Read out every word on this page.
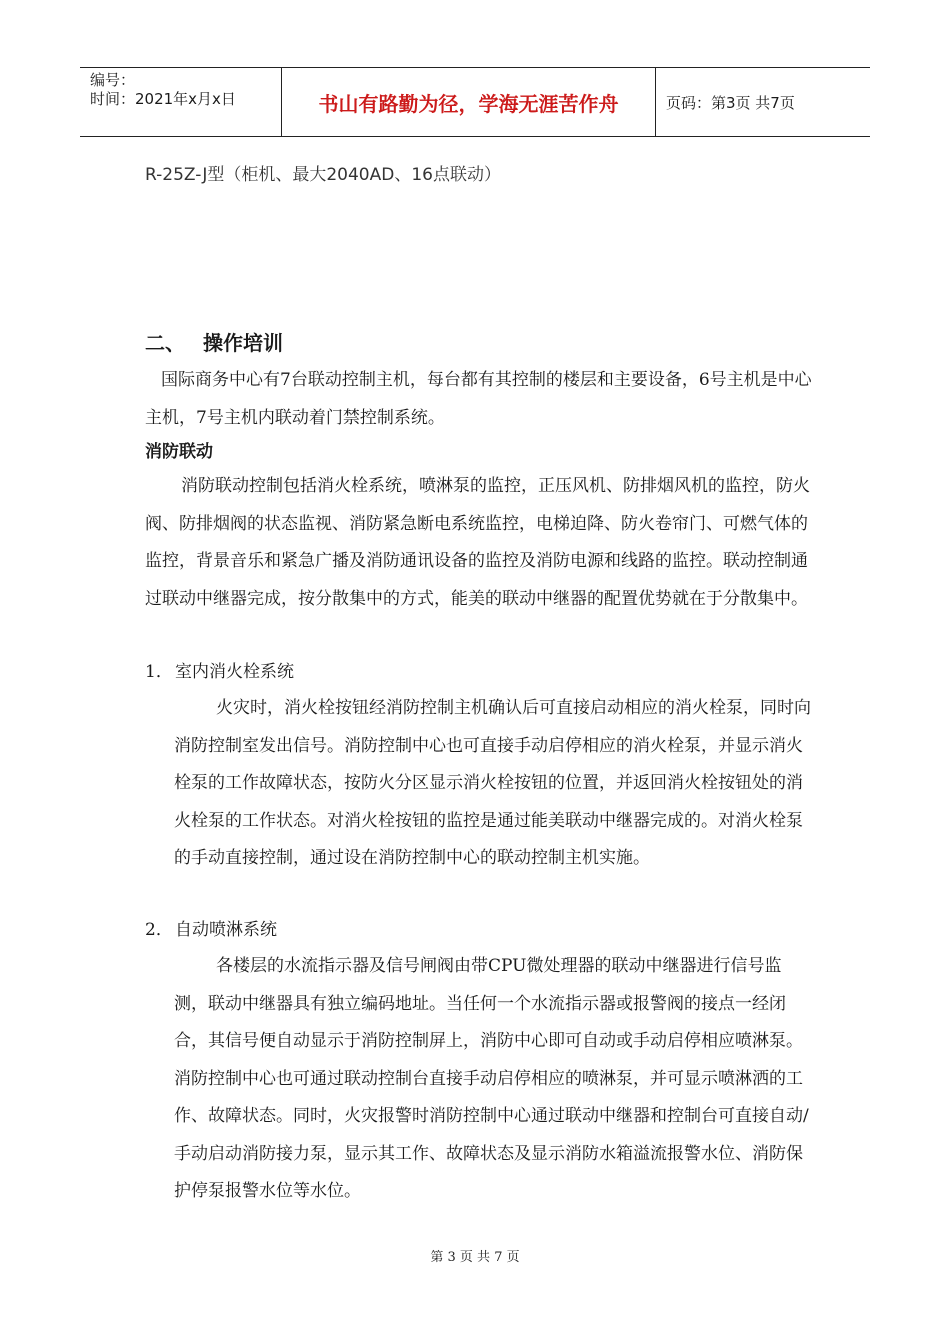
编号：
时间：2021年x月x日	书山有路勤为径，学海无涯苦作舟	页码：第3页 共7页
R-25Z-J型（柜机、最大2040AD、16点联动）
二、 操作培训

国际商务中心有7台联动控制主机，每台都有其控制的楼层和主要设备，6号主机是中心主机，7号主机内联动着门禁控制系统。

消防联动

消防联动控制包括消火栓系统，喷淋泵的监控，正压风机、防排烟风机的监控，防火阀、防排烟阀的状态监视、消防紧急断电系统监控，电梯迫降、防火卷帘门、可燃气体的监控，背景音乐和紧急广播及消防通讯设备的监控及消防电源和线路的监控。联动控制通过联动中继器完成，按分散集中的方式，能美的联动中继器的配置优势就在于分散集中。

1． 室内消火栓系统

火灾时，消火栓按钮经消防控制主机确认后可直接启动相应的消火栓泵，同时向消防控制室发出信号。消防控制中心也可直接手动启停相应的消火栓泵，并显示消火栓泵的工作故障状态，按防火分区显示消火栓按钮的位置，并返回消火栓按钮处的消火栓泵的工作状态。对消火栓按钮的监控是通过能美联动中继器完成的。对消火栓泵的手动直接控制，通过设在消防控制中心的联动控制主机实施。

2． 自动喷淋系统

各楼层的水流指示器及信号闸阀由带CPU微处理器的联动中继器进行信号监测，联动中继器具有独立编码地址。当任何一个水流指示器或报警阀的接点一经闭合，其信号便自动显示于消防控制屏上，消防中心即可自动或手动启停相应喷淋泵。消防控制中心也可通过联动控制台直接手动启停相应的喷淋泵，并可显示喷淋洒的工作、故障状态。同时，火灾报警时消防控制中心通过联动中继器和控制台可直接自动/手动启动消防接力泵，显示其工作、故障状态及显示消防水箱溢流报警水位、消防保护停泵报警水位等水位。

第 3 页 共 7 页
